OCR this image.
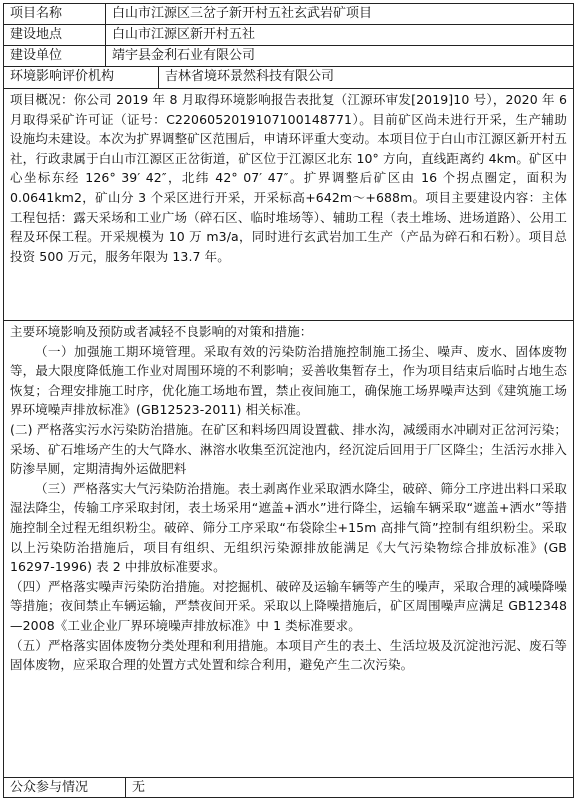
项目名称	白山市江源区三岔子新开村五社玄武岩矿项目
建设地点	白山市江源区新开村五社
建设单位	靖宇县金利石业有限公司
环境影响评价机构	吉林省境环景然科技有限公司
项目概况：你公司 2019 年 8 月取得环境影响报告表批复（江源环审发[2019]10 号），2020 年 6 月取得采矿许可证（证号：C2206052019107100148771）。目前矿区尚未进行开采，生产辅助设施均未建设。本次为扩界调整矿区范围后，申请环评重大变动。本项目位于白山市江源区新开村五社，行政隶属于白山市江源区正岔街道，矿区位于江源区北东 10° 方向，直线距离约 4km。矿区中心坐标东经 126° 39′ 42″，北纬 42° 07′ 47″。扩界调整后矿区由 16 个拐点圈定，面积为 0.0641km2，矿山分 3 个采区进行开采，开采标高+642m～+688m。项目主要建设内容：主体工程包括：露天采场和工业广场（碎石区、临时堆场等）、辅助工程（表土堆场、进场道路）、公用工程及环保工程。开采规模为 10 万 m3/a，同时进行玄武岩加工生产（产品为碎石和石粉）。项目总投资 500 万元，服务年限为 13.7 年。

主要环境影响及预防或者减轻不良影响的对策和措施：

（一）加强施工期环境管理。采取有效的污染防治措施控制施工扬尘、噪声、废水、固体废物等，最大限度降低施工作业对周围环境的不利影响；妥善收集暂存土，作为项目结束后临时占地生态恢复；合理安排施工时序，优化施工场地布置，禁止夜间施工，确保施工场界噪声达到《建筑施工场界环境噪声排放标准》(GB12523-2011) 相关标准。

(二) 严格落实污水污染防治措施。在矿区和料场四周设置截、排水沟，减缓雨水冲刷对正岔河污染；采场、矿石堆场产生的大气降水、淋溶水收集至沉淀池内，经沉淀后回用于厂区降尘；生活污水排入防渗旱厕，定期清掏外运做肥料

（三）严格落实大气污染防治措施。表土剥离作业采取洒水降尘，破碎、筛分工序进出料口采取湿法降尘，传输工序采取封闭，表土场采用“遮盖+洒水”进行降尘，运输车辆采取“遮盖+洒水”等措施控制全过程无组织粉尘。破碎、筛分工序采取“布袋除尘+15m 高排气筒”控制有组织粉尘。采取以上污染防治措施后，项目有组织、无组织污染源排放能满足《大气污染物综合排放标准》(GB 16297-1996) 表 2 中排放标准要求。

（四）严格落实噪声污染防治措施。对挖掘机、破碎及运输车辆等产生的噪声，采取合理的减噪降噪等措施；夜间禁止车辆运输，严禁夜间开采。采取以上降噪措施后，矿区周围噪声应满足 GB12348—2008《工业企业厂界环境噪声排放标准》中 1 类标准要求。

（五）严格落实固体废物分类处理和利用措施。本项目产生的表土、生活垃圾及沉淀池污泥、废石等固体废物，应采取合理的处置方式处置和综合利用，避免产生二次污染。

公众参与情况	无
